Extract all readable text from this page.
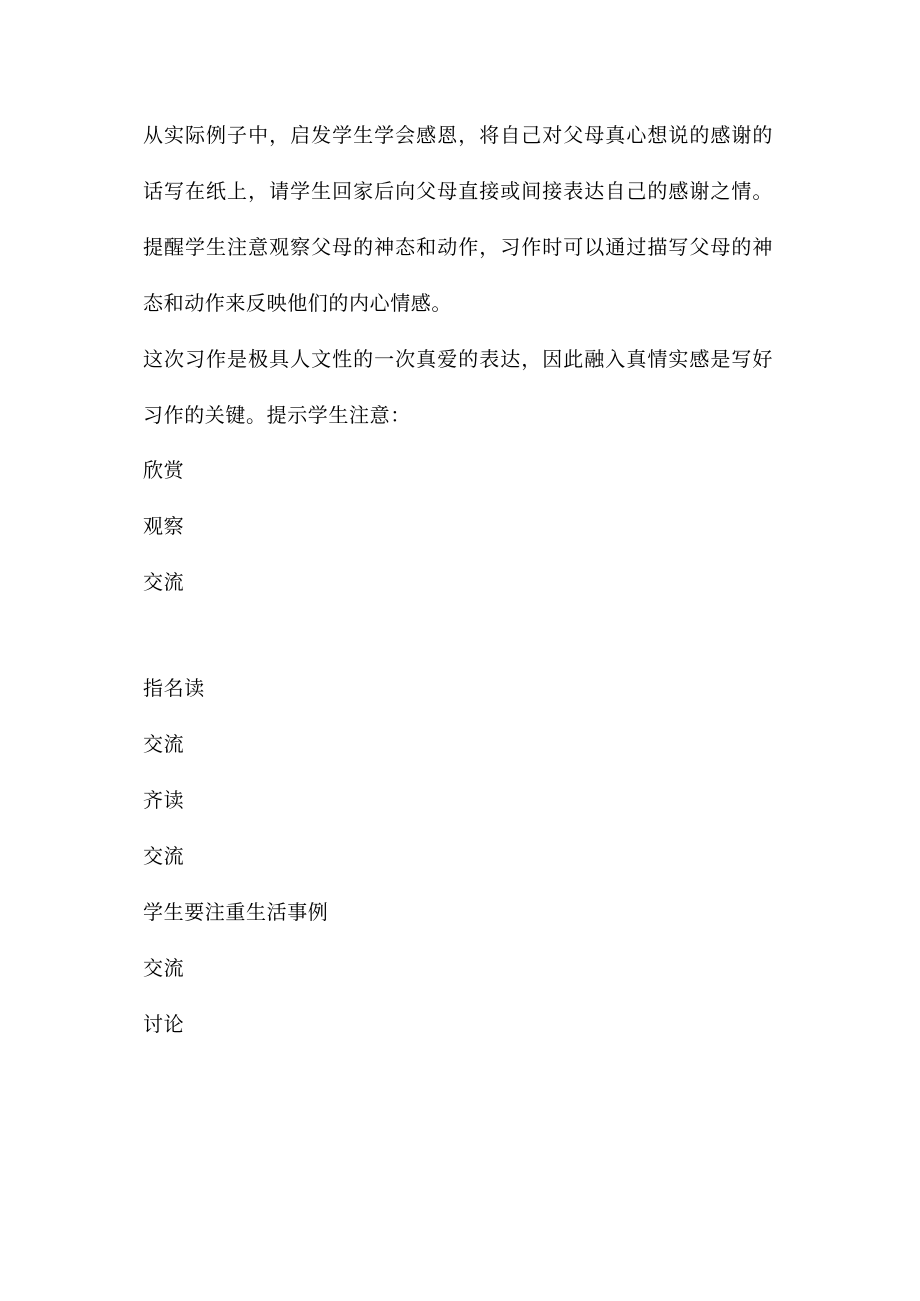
从实际例子中，启发学生学会感恩，将自己对父母真心想说的感谢的话写在纸上，请学生回家后向父母直接或间接表达自己的感谢之情。提醒学生注意观察父母的神态和动作，习作时可以通过描写父母的神态和动作来反映他们的内心情感。

这次习作是极具人文性的一次真爱的表达，因此融入真情实感是写好习作的关键。提示学生注意：

欣赏

观察

交流

指名读

交流

齐读

交流

学生要注重生活事例

交流

讨论
